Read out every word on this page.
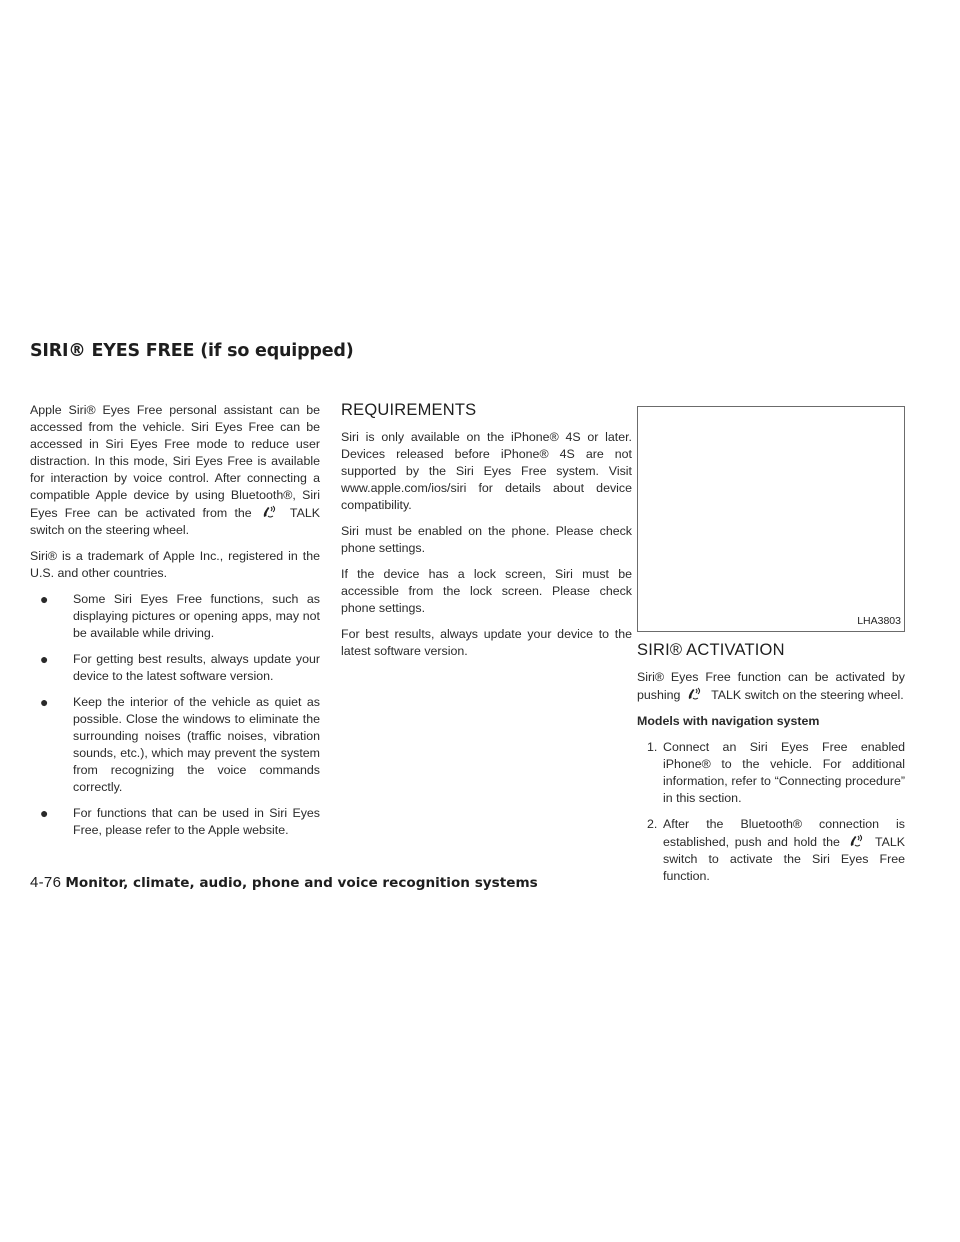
SIRI® EYES FREE (if so equipped)

Apple Siri® Eyes Free personal assistant can be accessed from the vehicle. Siri Eyes Free can be accessed in Siri Eyes Free mode to reduce user distraction. In this mode, Siri Eyes Free is available for interaction by voice control. After connecting a compatible Apple device by using Bluetooth®, Siri Eyes Free can be activated from the	TALK switch on the steering wheel.

Siri® is a trademark of Apple Inc., registered in the U.S. and other countries.

● Some Siri Eyes Free functions, such as displaying pictures or opening apps, may not be available while driving.
● For getting best results, always update your device to the latest software version.
● Keep the interior of the vehicle as quiet as possible. Close the windows to eliminate the surrounding noises (traffic noises, vibration sounds, etc.), which may prevent the system from recognizing the voice commands correctly.
● For functions that can be used in Siri Eyes Free, please refer to the Apple website.
REQUIREMENTS

Siri is only available on the iPhone® 4S or later. Devices released before iPhone® 4S are not supported by the Siri Eyes Free system. Visit www.apple.com/ios/siri for details about device compatibility.

Siri must be enabled on the phone. Please check phone settings.

If the device has a lock screen, Siri must be accessible from the lock screen. Please check phone settings.

For best results, always update your device to the latest software version.

LHA3803
SIRI® ACTIVATION

Siri® Eyes Free function can be activated by pushing TALK switch on the steering wheel.

Models with navigation system

1. Connect an Siri Eyes Free enabled iPhone® to the vehicle. For additional information, refer to “Connecting procedure” in this section.
2. After the Bluetooth® connection is established, push and hold the	TALK switch to activate the Siri Eyes Free function.
4-76 Monitor, climate, audio, phone and voice recognition systems
